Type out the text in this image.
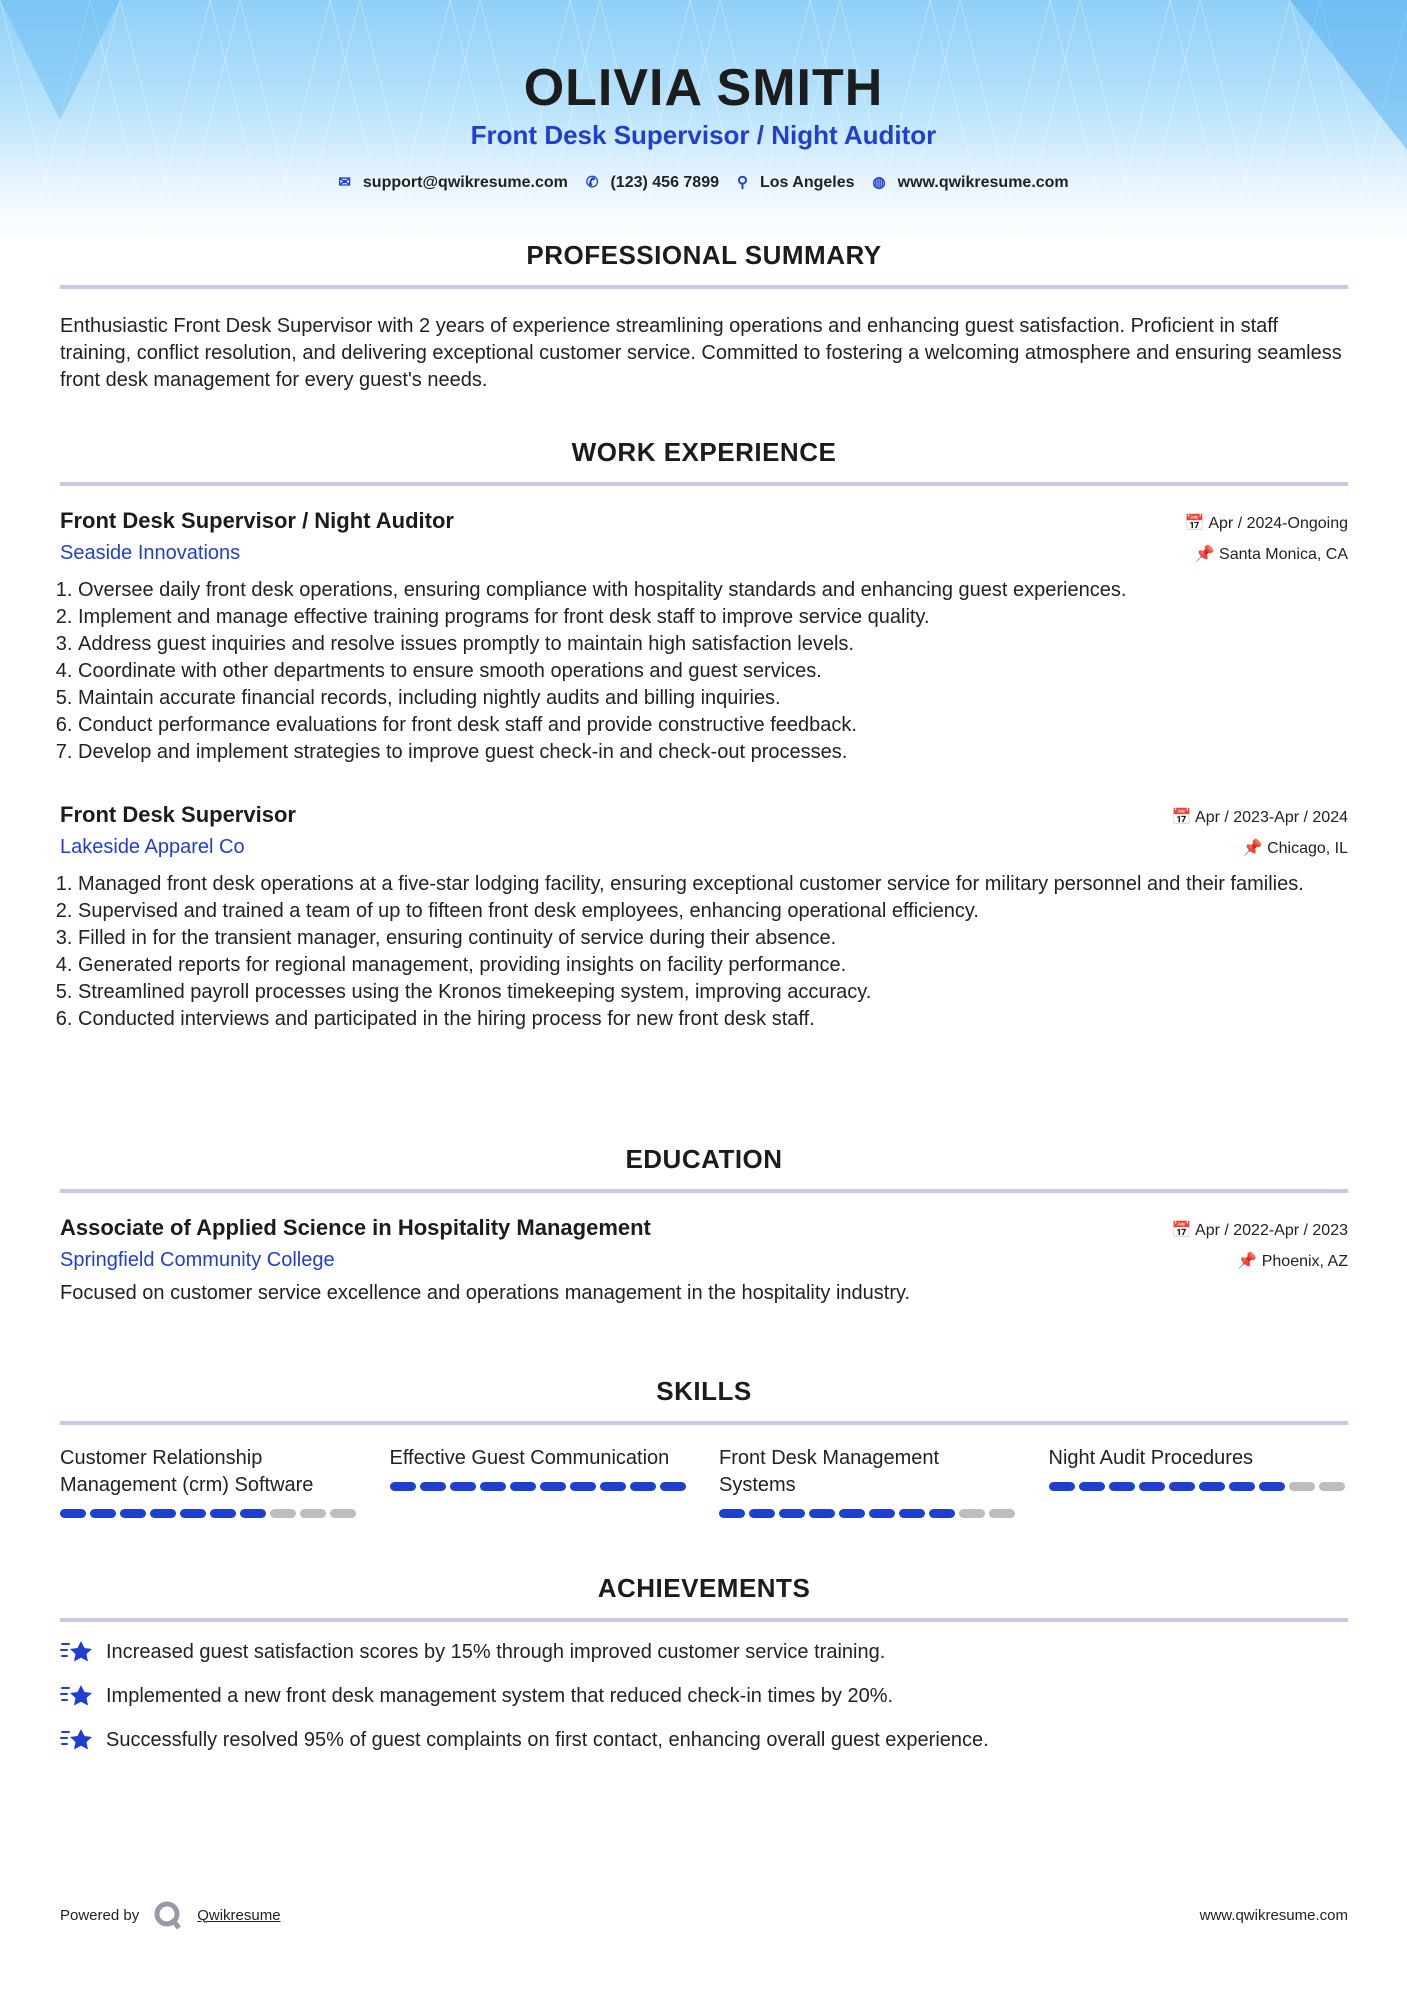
OLIVIA SMITH
Front Desk Supervisor / Night Auditor
✉ support@qwikresume.com ✆ (123) 456 7899 ⚲ Los Angeles ◍ www.qwikresume.com
PROFESSIONAL SUMMARY
Enthusiastic Front Desk Supervisor with 2 years of experience streamlining operations and enhancing guest satisfaction. Proficient in staff training, conflict resolution, and delivering exceptional customer service. Committed to fostering a welcoming atmosphere and ensuring seamless front desk management for every guest's needs.
WORK EXPERIENCE
Front Desk Supervisor / Night Auditor	📅 Apr / 2024-Ongoing
Seaside Innovations	📌 Santa Monica, CA
1. Oversee daily front desk operations, ensuring compliance with hospitality standards and enhancing guest experiences.
2. Implement and manage effective training programs for front desk staff to improve service quality.
3. Address guest inquiries and resolve issues promptly to maintain high satisfaction levels.
4. Coordinate with other departments to ensure smooth operations and guest services.
5. Maintain accurate financial records, including nightly audits and billing inquiries.
6. Conduct performance evaluations for front desk staff and provide constructive feedback.
7. Develop and implement strategies to improve guest check-in and check-out processes.
Front Desk Supervisor	📅 Apr / 2023-Apr / 2024
Lakeside Apparel Co	📌 Chicago, IL
1. Managed front desk operations at a five-star lodging facility, ensuring exceptional customer service for military personnel and their families.
2. Supervised and trained a team of up to fifteen front desk employees, enhancing operational efficiency.
3. Filled in for the transient manager, ensuring continuity of service during their absence.
4. Generated reports for regional management, providing insights on facility performance.
5. Streamlined payroll processes using the Kronos timekeeping system, improving accuracy.
6. Conducted interviews and participated in the hiring process for new front desk staff.
EDUCATION
Associate of Applied Science in Hospitality Management	📅 Apr / 2022-Apr / 2023
Springfield Community College	📌 Phoenix, AZ
Focused on customer service excellence and operations management in the hospitality industry.
SKILLS
Customer Relationship Management (crm) Software
Effective Guest Communication	Front Desk Management Systems
Night Audit Procedures
ACHIEVEMENTS
Increased guest satisfaction scores by 15% through improved customer service training.
Implemented a new front desk management system that reduced check-in times by 20%.
Successfully resolved 95% of guest complaints on first contact, enhancing overall guest experience.
Powered by	Qwikresume	www.qwikresume.com
